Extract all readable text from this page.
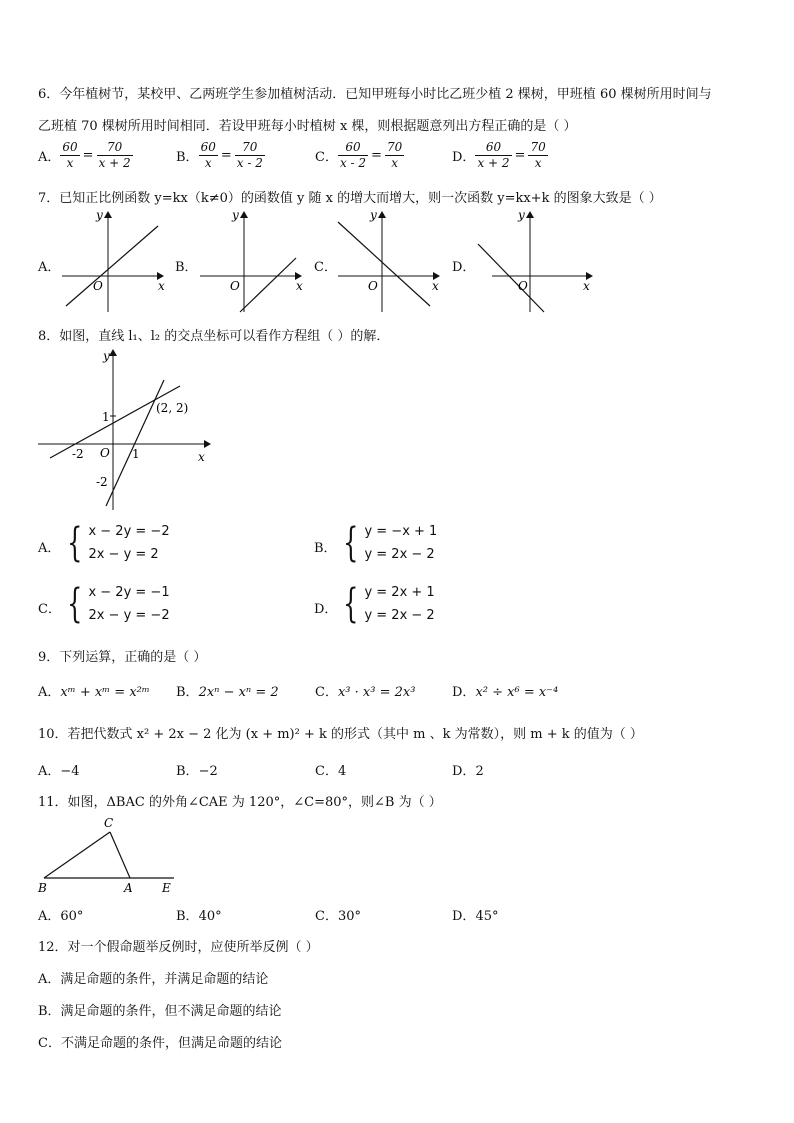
6．今年植树节，某校甲、乙两班学生参加植树活动．已知甲班每小时比乙班少植 2 棵树，甲班植 60 棵树所用时间与
乙班植 70 棵树所用时间相同．若设甲班每小时植树 x 棵，则根据题意列出方程正确的是（ ）
A． $\frac{60}{x} = \frac{70}{x + 2}$	B． $\frac{60}{x} = \frac{70}{x - 2}$	C． $\frac{60}{x - 2} = \frac{70}{x}$	D． $\frac{60}{x + 2} = \frac{70}{x}$
7．已知正比例函数 y=kx（k≠0）的函数值 y 随 x 的增大而增大，则一次函数 y=kx+k 的图象大致是（ ）
A．
y
x
O
B．
y
x
O
C．
y
x
O
D．
y
x
O
8．如图，直线 l₁、l₂ 的交点坐标可以看作方程组（ ）的解．
y
x
O
1
-2	1
-2
(2, 2)
A． { x − 2y = −2
2x − y = 2	B． { y = −x + 1
y = 2x − 2
C． { x − 2y = −1
2x − y = −2	D． { y = 2x + 1
y = 2x − 2
9．下列运算，正确的是（ ）
A．xᵐ + xᵐ = x²ᵐ B．2xⁿ − xⁿ = 2	C．x³ · x³ = 2x³	D．x² ÷ x⁶ = x⁻⁴
10．若把代数式 x² + 2x − 2 化为 (x + m)² + k 的形式（其中 m 、k 为常数），则 m + k 的值为（ ）
A．−4	B．−2	C．4	D．2
11．如图，ΔBAC 的外角∠CAE 为 120°，∠C=80°，则∠B 为（ ）
C
B	A E
A．60°	B．40°	C．30°	D．45°
12．对一个假命题举反例时，应使所举反例（ ）
A．满足命题的条件，并满足命题的结论
B．满足命题的条件，但不满足命题的结论
C．不满足命题的条件，但满足命题的结论
